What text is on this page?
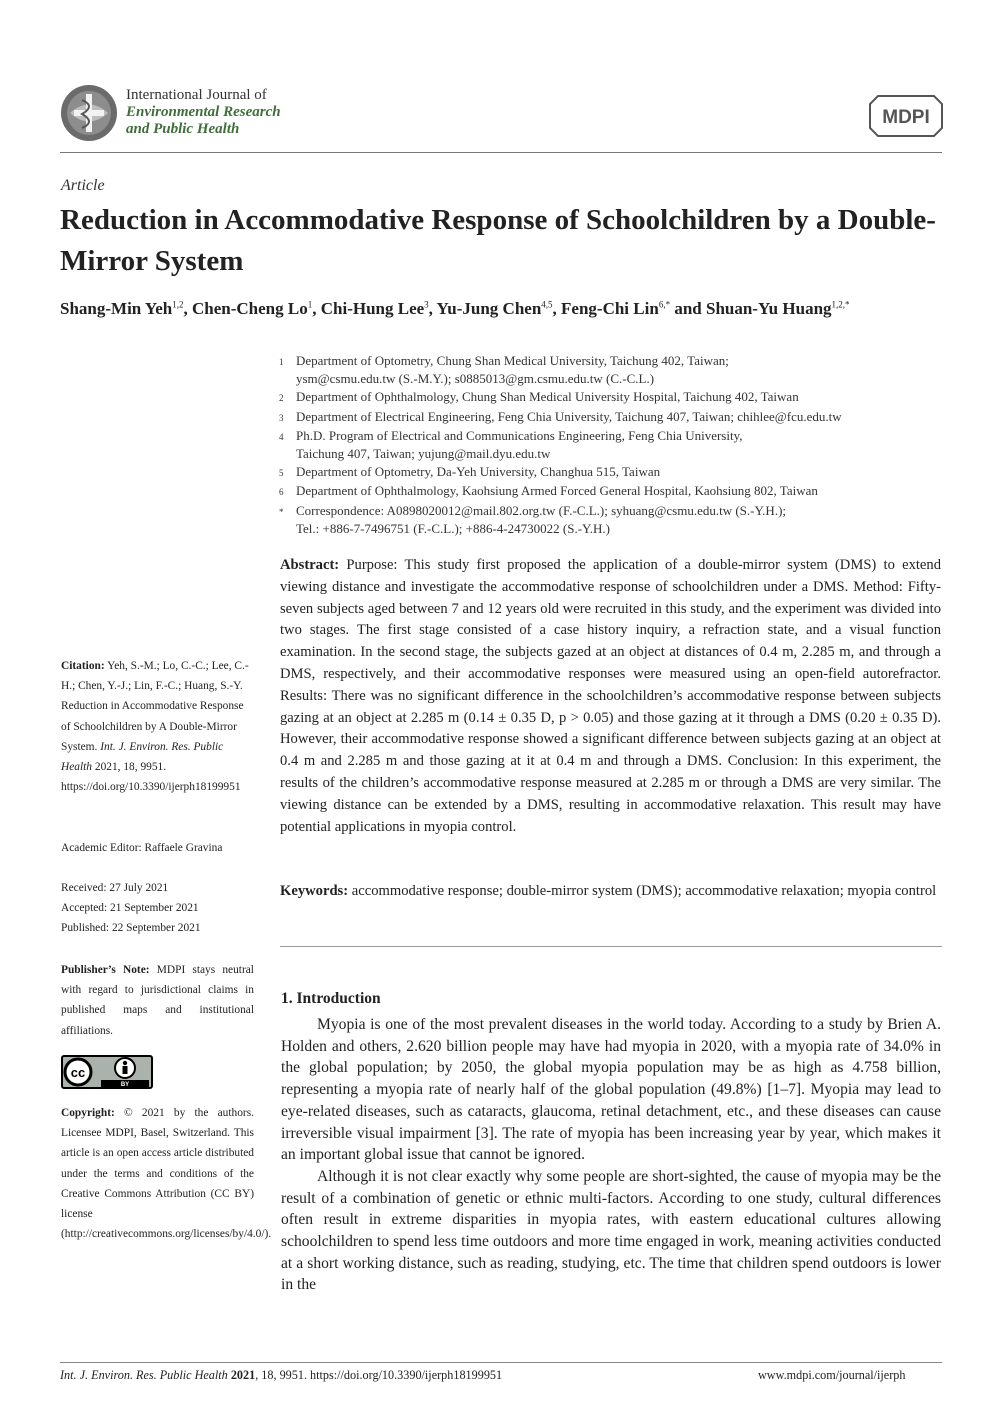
International Journal of
Environmental Research
and Public Health
MDPI
Article
Reduction in Accommodative Response of Schoolchildren by a Double-Mirror System
Shang-Min Yeh$^{1,2}$, Chen-Cheng Lo$^1$, Chi-Hung Lee$^3$, Yu-Jung Chen$^{4,5}$, Feng-Chi Lin$^{6,*}$ and Shuan-Yu Huang$^{1,2,*}$
1 Department of Optometry, Chung Shan Medical University, Taichung 402, Taiwan;
ysm@csmu.edu.tw (S.-M.Y.); s0885013@gm.csmu.edu.tw (C.-C.L.)
2 Department of Ophthalmology, Chung Shan Medical University Hospital, Taichung 402, Taiwan
3 Department of Electrical Engineering, Feng Chia University, Taichung 407, Taiwan; chihlee@fcu.edu.tw
4 Ph.D. Program of Electrical and Communications Engineering, Feng Chia University,
Taichung 407, Taiwan; yujung@mail.dyu.edu.tw
5 Department of Optometry, Da-Yeh University, Changhua 515, Taiwan
6 Department of Ophthalmology, Kaohsiung Armed Forced General Hospital, Kaohsiung 802, Taiwan
* Correspondence: A0898020012@mail.802.org.tw (F.-C.L.); syhuang@csmu.edu.tw (S.-Y.H.);
Tel.: +886-7-7496751 (F.-C.L.); +886-4-24730022 (S.-Y.H.)
Abstract: Purpose: This study first proposed the application of a double-mirror system (DMS) to extend viewing distance and investigate the accommodative response of schoolchildren under a DMS. Method: Fifty-seven subjects aged between 7 and 12 years old were recruited in this study, and the experiment was divided into two stages. The first stage consisted of a case history inquiry, a refraction state, and a visual function examination. In the second stage, the subjects gazed at an object at distances of 0.4 m, 2.285 m, and through a DMS, respectively, and their accommodative responses were measured using an open-field autorefractor. Results: There was no significant difference in the schoolchildren’s accommodative response between subjects gazing at an object at 2.285 m (0.14 ± 0.35 D, p > 0.05) and those gazing at it through a DMS (0.20 ± 0.35 D). However, their accommodative response showed a significant difference between subjects gazing at an object at 0.4 m and 2.285 m and those gazing at it at 0.4 m and through a DMS. Conclusion: In this experiment, the results of the children’s accommodative response measured at 2.285 m or through a DMS are very similar. The viewing distance can be extended by a DMS, resulting in accommodative relaxation. This result may have potential applications in myopia control.
Keywords: accommodative response; double-mirror system (DMS); accommodative relaxation; myopia control
Citation: Yeh, S.-M.; Lo, C.-C.; Lee, C.-H.; Chen, Y.-J.; Lin, F.-C.; Huang, S.-Y. Reduction in Accommodative Response of Schoolchildren by A Double-Mirror System. Int. J. Environ. Res. Public Health 2021, 18, 9951. https://doi.org/10.3390/ijerph18199951
Academic Editor: Raffaele Gravina
Received: 27 July 2021
Accepted: 21 September 2021
Published: 22 September 2021
Publisher’s Note: MDPI stays neutral with regard to jurisdictional claims in published maps and institutional affiliations.
cc
BY
Copyright: © 2021 by the authors. Licensee MDPI, Basel, Switzerland. This article is an open access article distributed under the terms and conditions of the Creative Commons Attribution (CC BY) license (http://creativecommons.org/licenses/by/4.0/).
1. Introduction

Myopia is one of the most prevalent diseases in the world today. According to a study by Brien A. Holden and others, 2.620 billion people may have had myopia in 2020, with a myopia rate of 34.0% in the global population; by 2050, the global myopia population may be as high as 4.758 billion, representing a myopia rate of nearly half of the global population (49.8%) [1–7]. Myopia may lead to eye-related diseases, such as cataracts, glaucoma, retinal detachment, etc., and these diseases can cause irreversible visual impairment [3]. The rate of myopia has been increasing year by year, which makes it an important global issue that cannot be ignored.

Although it is not clear exactly why some people are short-sighted, the cause of myopia may be the result of a combination of genetic or ethnic multi-factors. According to one study, cultural differences often result in extreme disparities in myopia rates, with eastern educational cultures allowing schoolchildren to spend less time outdoors and more time engaged in work, meaning activities conducted at a short working distance, such as reading, studying, etc. The time that children spend outdoors is lower in the

Int. J. Environ. Res. Public Health 2021, 18, 9951. https://doi.org/10.3390/ijerph18199951	www.mdpi.com/journal/ijerph
